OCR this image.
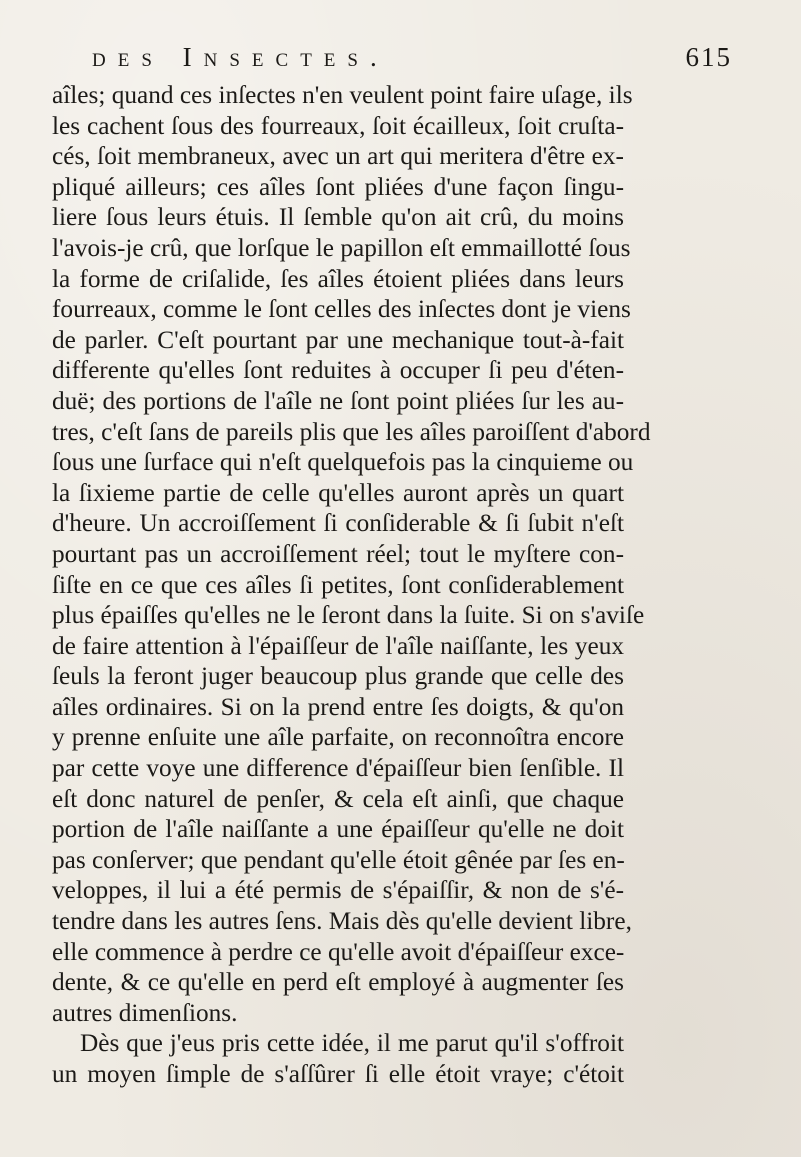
des Insectes.	615
aîles; quand ces inſectes n'en veulent point faire uſage, ils
les cachent ſous des fourreaux, ſoit écailleux, ſoit cruſta-
cés, ſoit membraneux, avec un art qui meritera d'être ex-
pliqué ailleurs; ces aîles ſont pliées d'une façon ſingu-
liere ſous leurs étuis. Il ſemble qu'on ait crû, du moins
l'avois-je crû, que lorſque le papillon eſt emmaillotté ſous
la forme de criſalide, ſes aîles étoient pliées dans leurs
fourreaux, comme le ſont celles des inſectes dont je viens
de parler. C'eſt pourtant par une mechanique tout-à-fait
differente qu'elles ſont reduites à occuper ſi peu d'éten-
duë; des portions de l'aîle ne ſont point pliées ſur les au-
tres, c'eſt ſans de pareils plis que les aîles paroiſſent d'abord
ſous une ſurface qui n'eſt quelquefois pas la cinquieme ou
la ſixieme partie de celle qu'elles auront après un quart
d'heure. Un accroiſſement ſi conſiderable & ſi ſubit n'eſt
pourtant pas un accroiſſement réel; tout le myſtere con-
ſiſte en ce que ces aîles ſi petites, ſont conſiderablement
plus épaiſſes qu'elles ne le ſeront dans la ſuite. Si on s'aviſe
de faire attention à l'épaiſſeur de l'aîle naiſſante, les yeux
ſeuls la feront juger beaucoup plus grande que celle des
aîles ordinaires. Si on la prend entre ſes doigts, & qu'on
y prenne enſuite une aîle parfaite, on reconnoîtra encore
par cette voye une difference d'épaiſſeur bien ſenſible. Il
eſt donc naturel de penſer, & cela eſt ainſi, que chaque
portion de l'aîle naiſſante a une épaiſſeur qu'elle ne doit
pas conſerver; que pendant qu'elle étoit gênée par ſes en-
veloppes, il lui a été permis de s'épaiſſir, & non de s'é-
tendre dans les autres ſens. Mais dès qu'elle devient libre,
elle commence à perdre ce qu'elle avoit d'épaiſſeur exce-
dente, & ce qu'elle en perd eſt employé à augmenter ſes
autres dimenſions.
Dès que j'eus pris cette idée, il me parut qu'il s'offroit
un moyen ſimple de s'aſſûrer ſi elle étoit vraye; c'étoit
